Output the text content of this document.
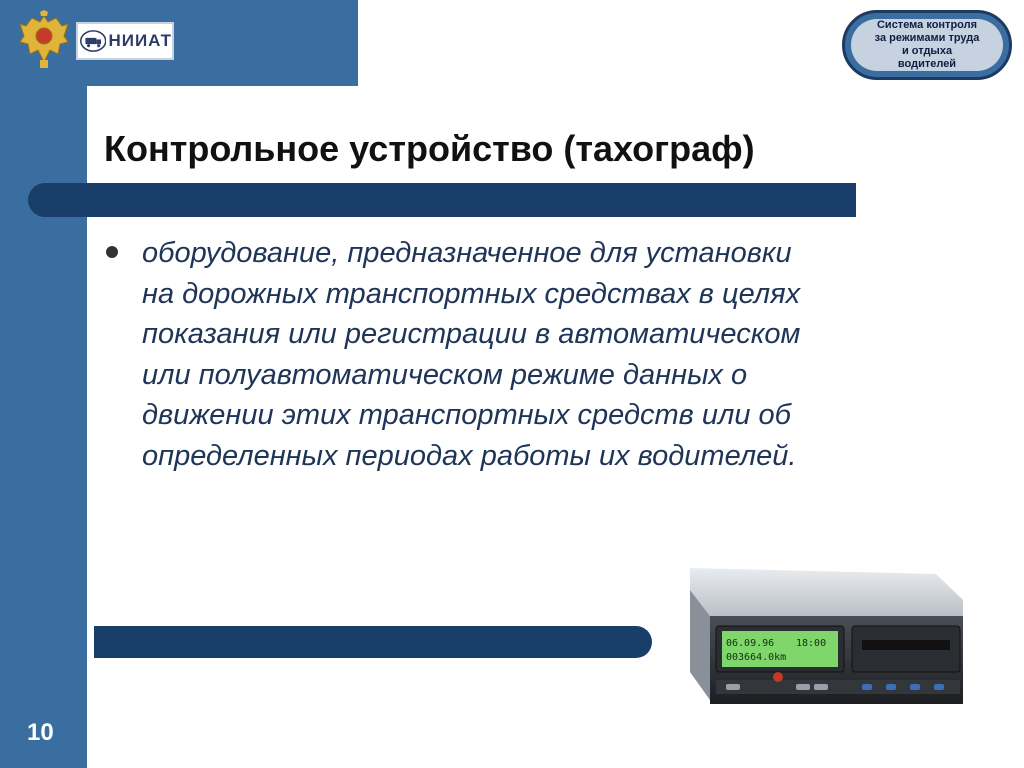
НИИАТ
Система контроля за режимами труда и отдыха водителей
Контрольное устройство (тахограф)
оборудование, предназначенное для установки
на дорожных транспортных средствах в целях
показания или регистрации в автоматическом
или полуавтоматическом режиме данных о
движении этих транспортных средств или об
определенных периодах работы их водителей.
06.09.96 18:00
003664.0km
10
